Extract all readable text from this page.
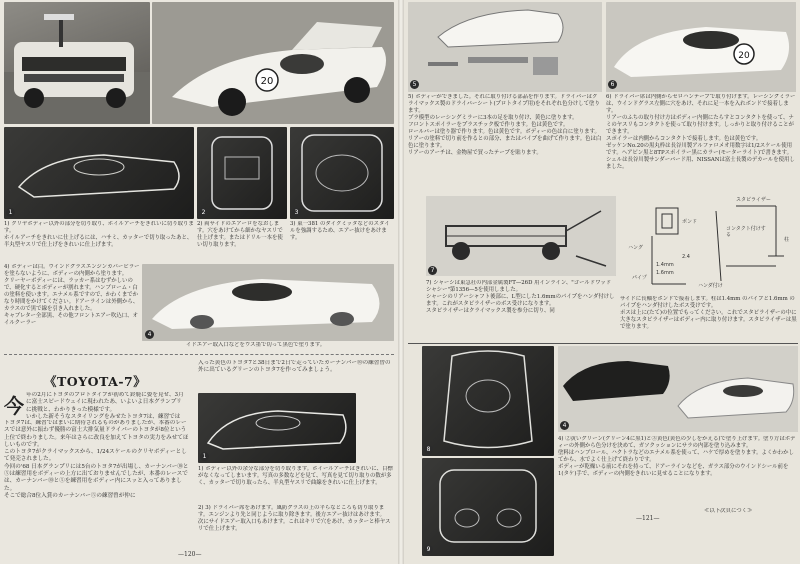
20
1	2	3
1) クリヤボディー以外の部分を切り取り、ホイルアーチをきれいに切り取ります。
ホイルアーチをきれいに仕上げるには、ハサミ、カッターで切り取ったあと、半丸型ヤスリで仕上げをきれいに仕上げます。
2) 両サイドのエアーロをなおします。穴をあけてから細かなヤスリで仕上げます。またはドリル一本を使い切り取ります。
3) 東一381 のダイクミッタなどのスタイルを強調するため、エアー抜けをあけます。
4) ボディーは白。ウインドグラスエンジンカパービラーを塗らないように、ボディーの内側から塗ります。
クリーヤーボディーには、ラッカー系はむずかしいので、硬化するとボディーが割れます。ハンブローム・白の塗料を使います。エナメル系ですので、かわくまでかなり時間をかけてください。ドアーラインは外側から、カラスので黒で線を引き入れました。
キャブレター全部黒、その他フロントエアー吹込口、オイルクーラー
4
イドエアー取入口などをウス墨で切って黒色で塗ります。
《TOYOTA-7》
今 年の2月にトヨタのプロトタイプが初めて鈴鹿に姿を見せ、3月に富士スピードウェイに現われたあ、いよいよ日本グランプリに挑戦と、わかりきった模様です。
いかした新そうなスタイリングをみせたトヨタ7は、練習では

トヨタ7は、練習ではまいに期待されるものがありましたが、本番のレースでは意外に振わず優勝の富士大排気量ドライバーのトヨタが8位という上位で終わりました。来年はさらに改良を加えてトヨタの実力をみせてほしいものです。
このトヨタ7がクライマックスから、1/24スケールのクリヤボディーとして発売されました。
今回の'68 日本グランプリには5台のトヨタ7が出場し、カーナンバー⑩と⑤は練習用をボディーの上方に出ておりませんでしたが、本番のレースでは、カーナンバー⑩と⑤を練習用をボディー内にスッと入ってありました。
そこで総合8位入賞のカーナンバー⑤の練習曾が仲に
入った黄色のトヨタ7と38日まで2日で走っていたカーナンバー⑩の練習曾の外に出ているグリーンのトヨタ7を作ってみましょう。
1
1) ボディー以外の余分な部分を切り取ります。ホイールアーチはきれいに、目標がなくなってしまいます。写真の多数などを見て、写真を見て切り取りの数が多く、カッターで切り取ったら、半丸型ヤスリで曲線をきれいに仕上げます。
2) 3) ドライバー席をあけます。風防グラスの上の平らなところも切り取ります。エンジンより先と同じように取り除きます。後方エアー抜けはあけます。
次にサイドエアー取入口もあけます。これはキリで穴をあけ、カッターと棒ヤスリで仕上げます。
—120—
5
20
6
5) ボディーができました。それに取り付ける部品を作ります。ドライバーはクライマックス製のドライバーシート(プロトタイプ用)をそれぞれ色分けして塗ります。
ブラ模型のレーシングミラーに3本の足を取り付け、黄色に塗ります。
フロントスポイラーをプラスチック板で作ります。色は黄色です。
ロールバーは塗り器で作ります。色は黄色です。ボディーの色は白に塗ります。
リアーの塗料で切り前を作るとの部分、またはパイプを曲げて作ります。色は白色に塗ります。
リアーのアーチは、金物屋で買ったテープを貼ります。
6) ドライバー席は内側からセロハンテープで取り付けます。レーシングミラーは、ウインドグラス左側に穴をあけ、それに足一本を入れボンドで接着します。
リアーのふちの取り付け方はボディー内側にたらすとコンタクトを使って、ナミのヤスリもコンタクトを使って取り付けます。しっかりと取り付けることができます。
スポイラーは内側からコンタクトで接着します。色は黄色です。
ゼッケンNo.20の黒丸枠は長谷川製アルファロメオ用数字は1/2スケール使用です。ヘアピン黒と8TPスポイラー黒にカラー(モーターライト)で書きます。シェルは長谷川製サンダーバード用、NISSANは富士長製のデカールを使用しました。
7
スタビライザー
ハング
ハンダ付け
ボンド
パイプ
1.4mm
1.6mm
2.4
柱
コンタクト付けする
7) シャーシは東急社の内部金属製FT—26D 用インライン、"ゴールドワッドシャシー"第1356—5を使用しました。
シャーシのリアーシャフト後部に、L型にした1.6mmのパイプをハンダ付けします。これがスタビライザーのボス受けになります。
スタビライザーはクライマックス製を参分に切り、同
サイドに長軸をボンドで接着します。柱は1.4mm のパイプと1.6mm のパイプをハンダ付けしたボス受けです。
ポスは上に(たて)の位置でもってください。これでスタビライザーの中に大きなスタビライザーはボディー内に取り付けます。スタビライザーは黒で塗ります。
8
9
4
4) ②黄いグリーン(グリーン4に黒1)と③黄色(黄色の少しをかえる)で塗り上げます。塗り方はボディーの外側から色分けを決めて、ガソクッションにサラの内部を塗り込みます。
塗料はハンブロール、ハクトラなどのエナメル系を使って、ハケで厚めを塗ります。よくかわかしてから、水でよく仕上げて終わりです。
ボディーが乾燥いる前にそれを持って、ドアーラインなどを、ガラス部分のウインドシール前を1(タケ)手で、ボディーの内側をきれいに見せることになります。
≪以下次頁につく≫
—121—
